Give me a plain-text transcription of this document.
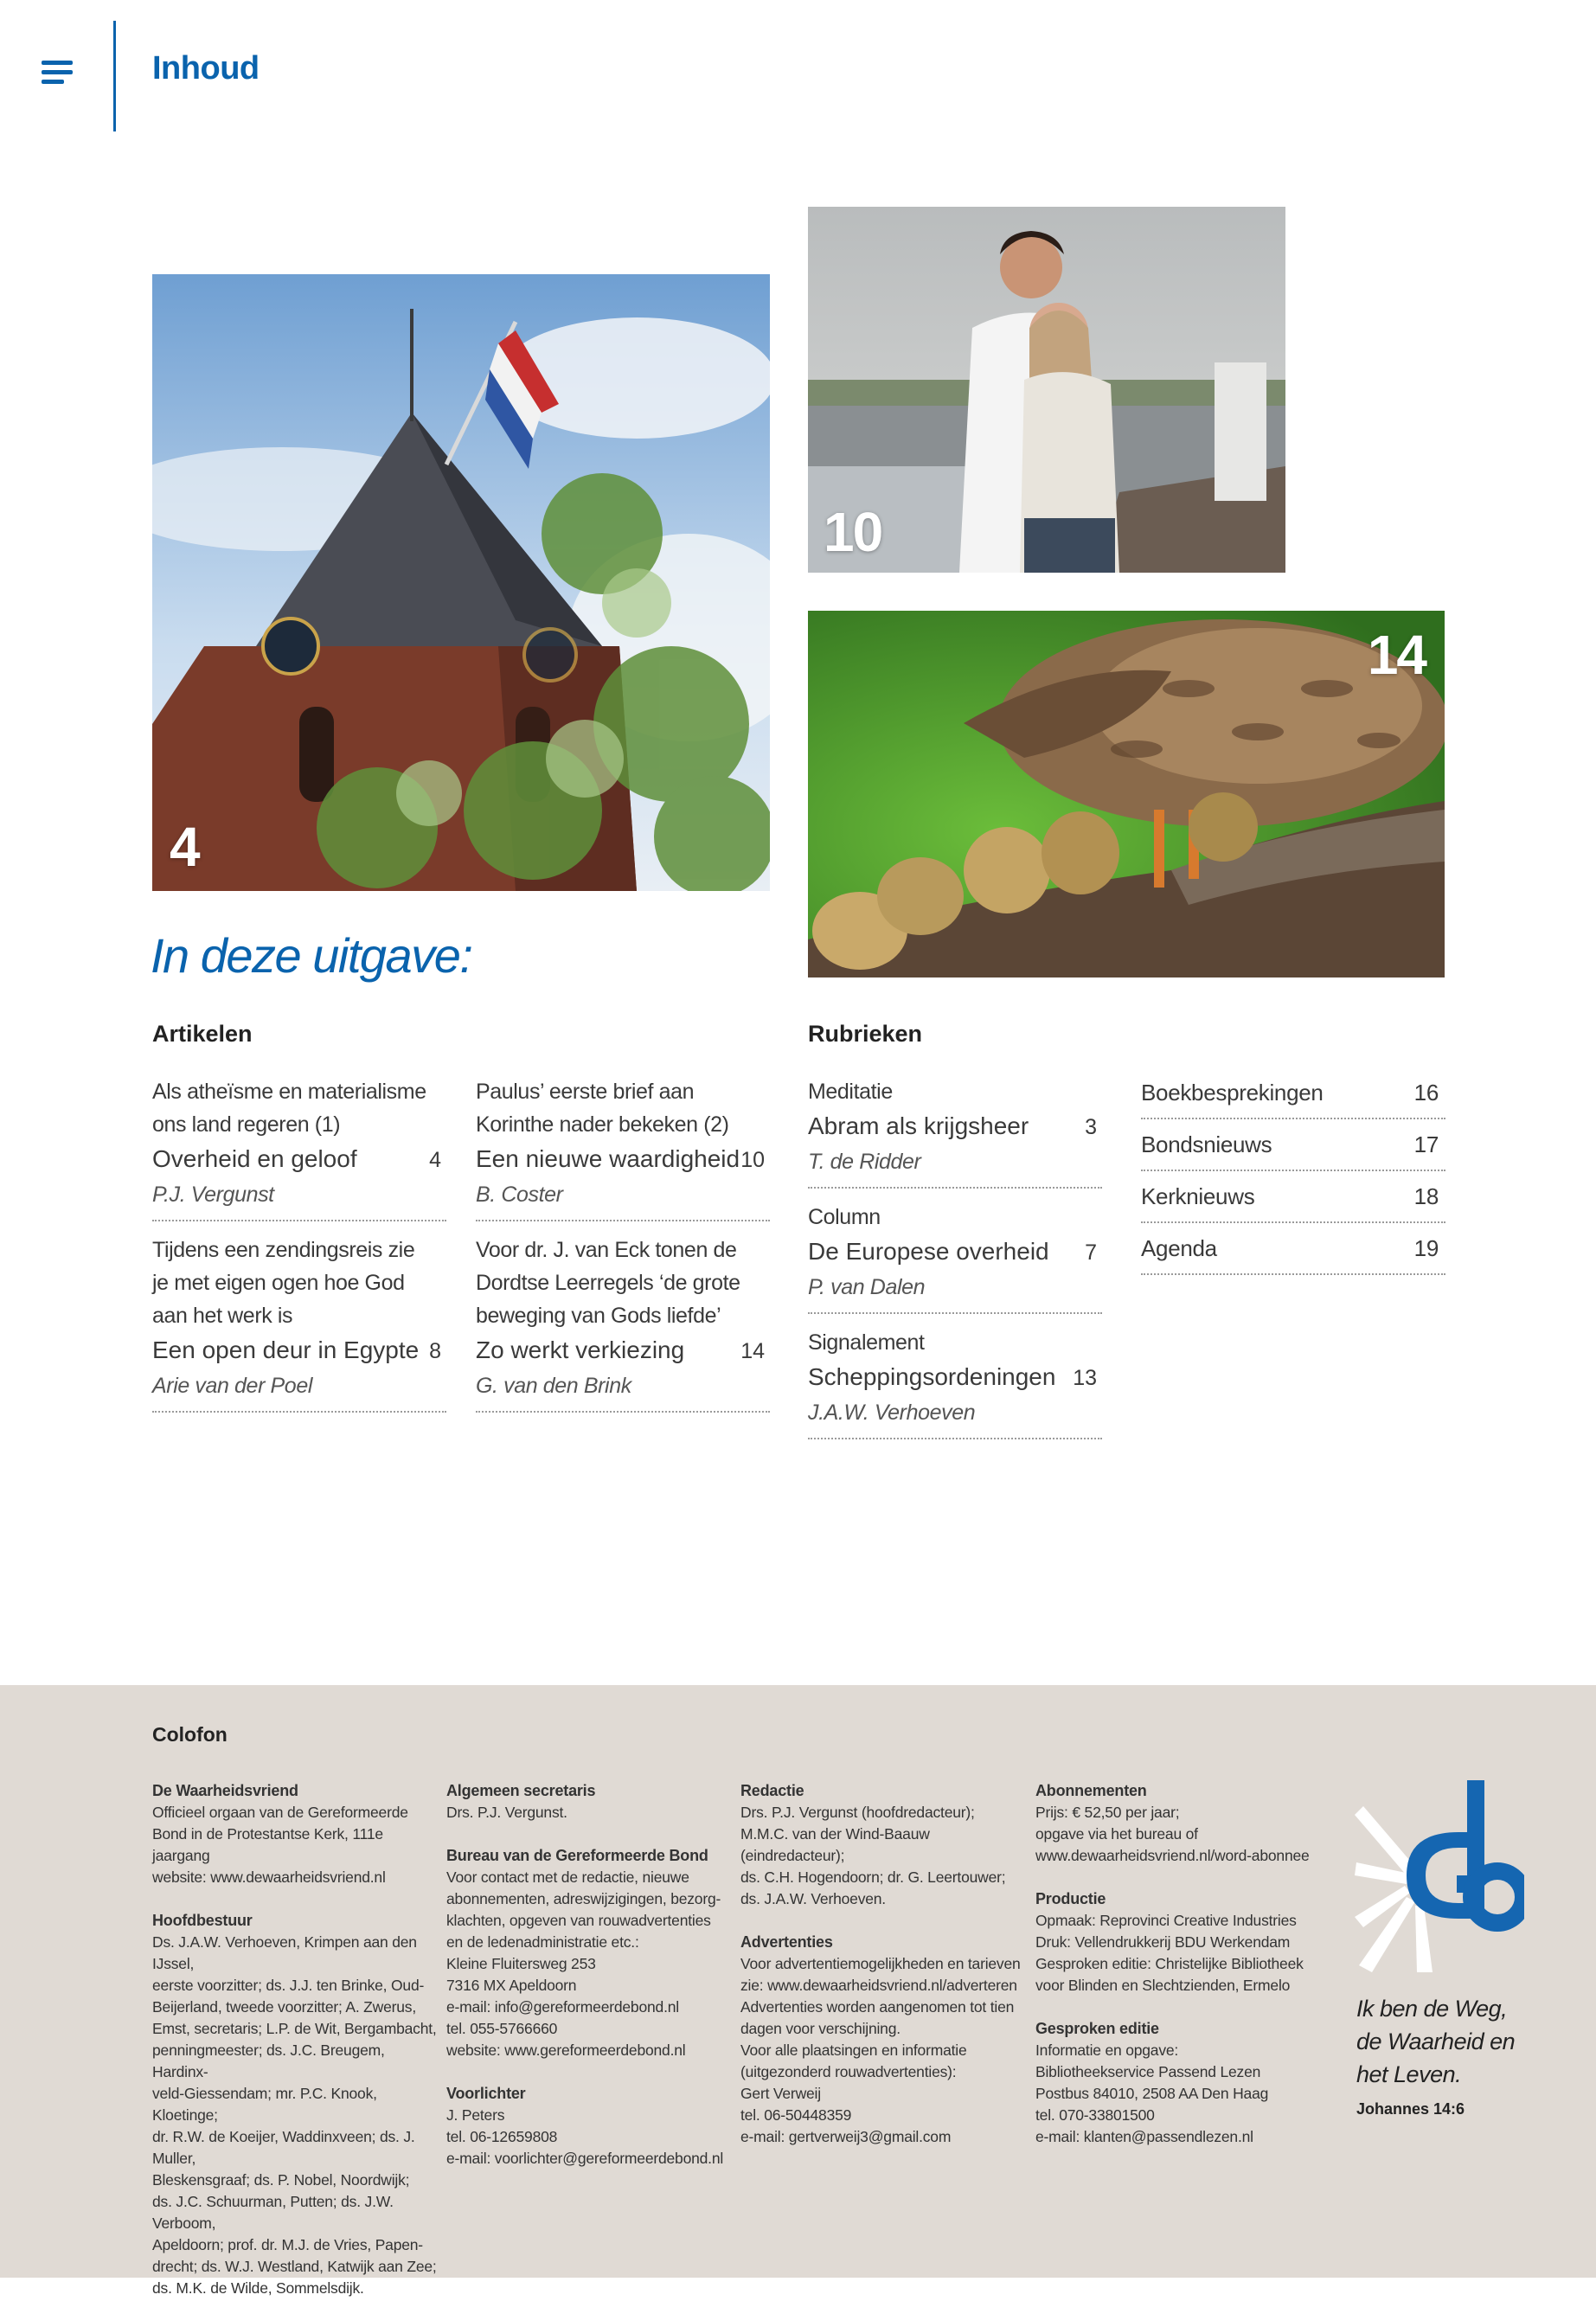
Inhoud
4
10
14
In deze uitgave:
Artikelen
Als atheïsme en materialisme
ons land regeren (1)
Overheid en geloof	4
P.J. Vergunst
Tijdens een zendingsreis zie
je met eigen ogen hoe God
aan het werk is
Een open deur in Egypte 8
Arie van der Poel
Paulus’ eerste brief aan
Korinthe nader bekeken (2)
Een nieuwe waardigheid 10
B. Coster
Voor dr. J. van Eck tonen de
Dordtse Leerregels ‘de grote
beweging van Gods liefde’
Zo werkt verkiezing	14
G. van den Brink
Rubrieken
Meditatie
Abram als krijgsheer	3
T. de Ridder
Column
De Europese overheid 7
P. van Dalen
Signalement
Scheppingsordeningen 13
J.A.W. Verhoeven
Boekbesprekingen	16
Bondsnieuws	17
Kerknieuws	18
Agenda	19
Colofon

De Waarheidsvriend
Officieel orgaan van de Gereformeerde
Bond in de Protestantse Kerk, 111e jaargang
website: www.dewaarheidsvriend.nl

Hoofdbestuur
Ds. J.A.W. Verhoeven, Krimpen aan den IJssel,
eerste voorzitter; ds. J.J. ten Brinke, Oud-
Beijerland, tweede voorzitter; A. Zwerus,
Emst, secretaris; L.P. de Wit, Bergambacht,
penningmeester; ds. J.C. Breugem, Hardinx-
veld-Giessendam; mr. P.C. Knook, Kloetinge;
dr. R.W. de Koeijer, Waddinxveen; ds. J. Muller,
Bleskensgraaf; ds. P. Nobel, Noordwijk;
ds. J.C. Schuurman, Putten; ds. J.W. Verboom,
Apeldoorn; prof. dr. M.J. de Vries, Papen-
drecht; ds. W.J. Westland, Katwijk aan Zee;
ds. M.K. de Wilde, Sommelsdijk.

Algemeen secretaris
Drs. P.J. Vergunst.

Bureau van de Gereformeerde Bond
Voor contact met de redactie, nieuwe
abonnementen, adreswijzigingen, bezorg-
klachten, opgeven van rouwadvertenties
en de ledenadministratie etc.:
Kleine Fluitersweg 253
7316 MX Apeldoorn
e-mail: info@gereformeerdebond.nl
tel. 055-5766660
website: www.gereformeerdebond.nl

Voorlichter
J. Peters
tel. 06-12659808
e-mail: voorlichter@gereformeerdebond.nl

Redactie
Drs. P.J. Vergunst (hoofdredacteur);
M.M.C. van der Wind-Baauw (eindredacteur);
ds. C.H. Hogendoorn; dr. G. Leertouwer;
ds. J.A.W. Verhoeven.

Advertenties
Voor advertentiemogelijkheden en tarieven
zie: www.dewaarheidsvriend.nl/adverteren
Advertenties worden aangenomen tot tien
dagen voor verschijning.
Voor alle plaatsingen en informatie
(uitgezonderd rouwadvertenties):
Gert Verweij
tel. 06-50448359
e-mail: gertverweij3@gmail.com

Abonnementen
Prijs: € 52,50 per jaar;
opgave via het bureau of
www.dewaarheidsvriend.nl/word-abonnee

Productie
Opmaak: Reprovinci Creative Industries
Druk: Vellendrukkerij BDU Werkendam
Gesproken editie: Christelijke Bibliotheek
voor Blinden en Slechtzienden, Ermelo

Gesproken editie
Informatie en opgave:
Bibliotheekservice Passend Lezen
Postbus 84010, 2508 AA Den Haag
tel. 070-33801500
e-mail: klanten@passendlezen.nl

Ik ben de Weg,
de Waarheid en
het Leven.
Johannes 14:6
